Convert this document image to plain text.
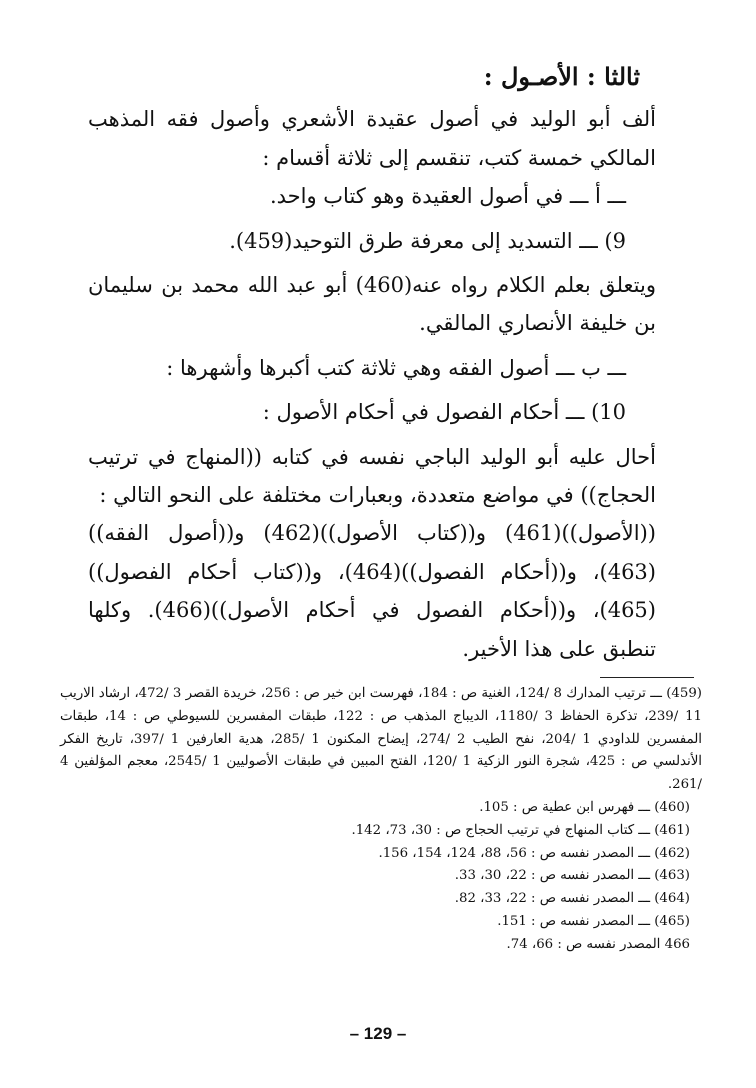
ثالثا : الأصـول :

ألف أبو الوليد في أصول عقيدة الأشعري وأصول فقه المذهب المالكي خمسة كتب، تنقسم إلى ثلاثة أقسام :

ـــ أ ـــ في أصول العقيدة وهو كتاب واحد.

9) ـــ التسديد إلى معرفة طرق التوحيد(459).

ويتعلق بعلم الكلام رواه عنه(460) أبو عبد الله محمد بن سليمان بن خليفة الأنصاري المالقي.

ـــ ب ـــ أصول الفقه وهي ثلاثة كتب أكبرها وأشهرها :

10) ـــ أحكام الفصول في أحكام الأصول :

أحال عليه أبو الوليد الباجي نفسه في كتابه ((المنهاج في ترتيب الحجاج)) في مواضع متعددة، وبعبارات مختلفة على النحو التالي :

((الأصول))(461) و((كتاب الأصول))(462) و((أصول الفقه))(463)، و((أحكام الفصول))(464)، و((كتاب أحكام الفصول))(465)، و((أحكام الفصول في أحكام الأصول))(466). وكلها تنطبق على هذا الأخير.

(459) ـــ ترتيب المدارك 8 /124، الغنية ص : 184، فهرست ابن خير ص : 256، خريدة القصر 3 /472، ارشاد الاريب 11 /239، تذكرة الحفاظ 3 /1180، الديباج المذهب ص : 122، طبقات المفسرين للسيوطي ص : 14، طبقات المفسرين للداودي 1 /204، نفح الطيب 2 /274، إيضاح المكنون 1 /285، هدية العارفين 1 /397، تاريخ الفكر الأندلسي ص : 425، شجرة النور الزكية 1 /120، الفتح المبين في طبقات الأصوليين 1 /2545، معجم المؤلفين 4 /261.

(460) ـــ فهرس ابن عطية ص : 105.

(461) ـــ كتاب المنهاج في ترتيب الحجاج ص : 30، 73، 142.

(462) ـــ المصدر نفسه ص : 56، 88، 124، 154، 156.

(463) ـــ المصدر نفسه ص : 22، 30، 33.

(464) ـــ المصدر نفسه ص : 22، 33، 82.

(465) ـــ المصدر نفسه ص : 151.

466 المصدر نفسه ص : 66، 74.

– 129 –
